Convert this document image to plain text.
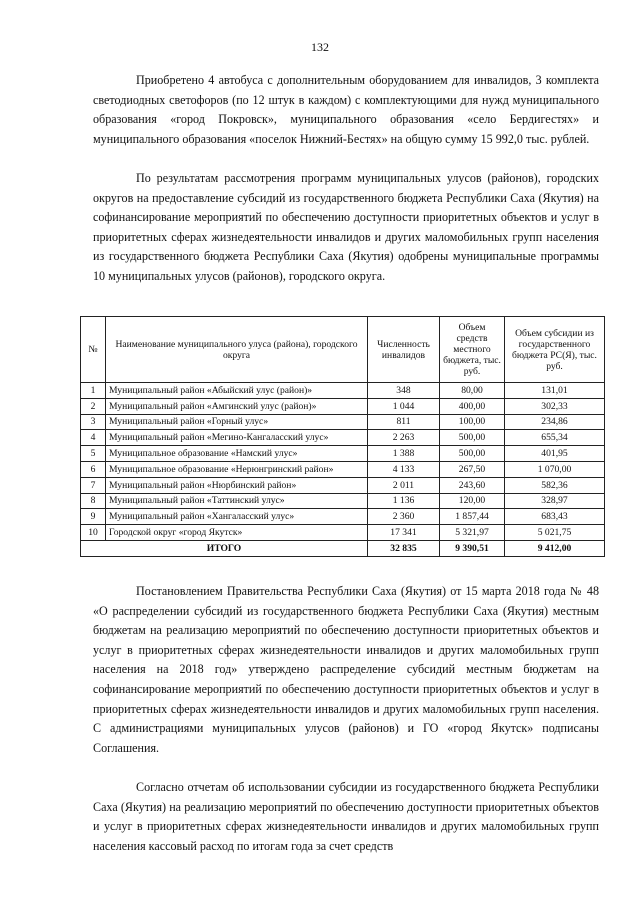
132

Приобретено 4 автобуса с дополнительным оборудованием для инвалидов, 3 комплекта светодиодных светофоров (по 12 штук в каждом) с комплектующими для нужд муниципального образования «город Покровск», муниципального образования «село Бердигестях» и муниципального образования «поселок Нижний-Бестях» на общую сумму 15 992,0 тыс. рублей.

По результатам рассмотрения программ муниципальных улусов (районов), городских округов на предоставление субсидий из государственного бюджета Республики Саха (Якутия) на софинансирование мероприятий по обеспечению доступности приоритетных объектов и услуг в приоритетных сферах жизнедеятельности инвалидов и других маломобильных групп населения из государственного бюджета Республики Саха (Якутия) одобрены муниципальные программы 10 муниципальных улусов (районов), городского округа.

№	Наименование муниципального улуса (района), городского округа	Численность инвалидов	Объем средств местного бюджета, тыс. руб.	Объем субсидии из государственного бюджета РС(Я), тыс. руб.
1	Муниципальный район «Абыйский улус (район)»	348	80,00	131,01
2	Муниципальный район «Амгинский улус (район)»	1 044	400,00	302,33
3	Муниципальный район «Горный улус»	811	100,00	234,86
4	Муниципальный район «Мегино-Кангаласский улус»	2 263	500,00	655,34
5	Муниципальное образование «Намский улус»	1 388	500,00	401,95
6	Муниципальное образование «Нерюнгринский район»	4 133	267,50	1 070,00
7	Муниципальный район «Нюрбинский район»	2 011	243,60	582,36
8	Муниципальный район «Таттинский улус»	1 136	120,00	328,97
9	Муниципальный район «Хангаласский улус»	2 360	1 857,44	683,43
10	Городской округ «город Якутск»	17 341	5 321,97	5 021,75
ИТОГО		32 835	9 390,51	9 412,00

Постановлением Правительства Республики Саха (Якутия) от 15 марта 2018 года № 48 «О распределении субсидий из государственного бюджета Республики Саха (Якутия) местным бюджетам на реализацию мероприятий по обеспечению доступности приоритетных объектов и услуг в приоритетных сферах жизнедеятельности инвалидов и других маломобильных групп населения на 2018 год» утверждено распределение субсидий местным бюджетам на софинансирование мероприятий по обеспечению доступности приоритетных объектов и услуг в приоритетных сферах жизнедеятельности инвалидов и других маломобильных групп населения. С администрациями муниципальных улусов (районов) и ГО «город Якутск» подписаны Соглашения.

Согласно отчетам об использовании субсидии из государственного бюджета Республики Саха (Якутия) на реализацию мероприятий по обеспечению доступности приоритетных объектов и услуг в приоритетных сферах жизнедеятельности инвалидов и других маломобильных групп населения кассовый расход по итогам года за счет средств
